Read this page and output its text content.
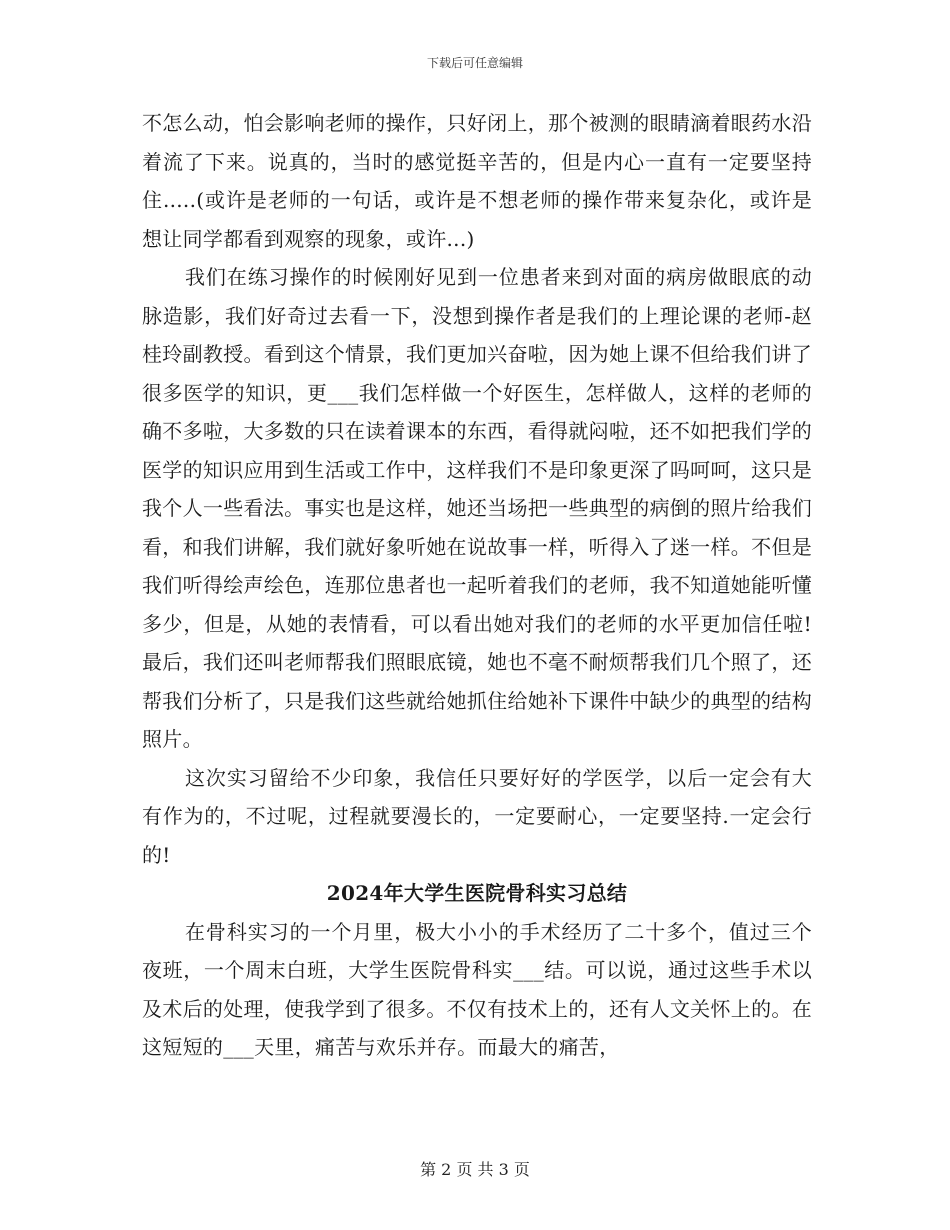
下载后可任意编辑

不怎么动，怕会影响老师的操作，只好闭上，那个被测的眼睛滴着眼药水沿着流了下来。说真的，当时的感觉挺辛苦的，但是内心一直有一定要坚持住.....(或许是老师的一句话，或许是不想老师的操作带来复杂化，或许是想让同学都看到观察的现象，或许...)

我们在练习操作的时候刚好见到一位患者来到对面的病房做眼底的动脉造影，我们好奇过去看一下，没想到操作者是我们的上理论课的老师-赵桂玲副教授。看到这个情景，我们更加兴奋啦，因为她上课不但给我们讲了很多医学的知识，更___我们怎样做一个好医生，怎样做人，这样的老师的确不多啦，大多数的只在读着课本的东西，看得就闷啦，还不如把我们学的医学的知识应用到生活或工作中，这样我们不是印象更深了吗呵呵，这只是我个人一些看法。事实也是这样，她还当场把一些典型的病倒的照片给我们看，和我们讲解，我们就好象听她在说故事一样，听得入了迷一样。不但是我们听得绘声绘色，连那位患者也一起听着我们的老师，我不知道她能听懂多少，但是，从她的表情看，可以看出她对我们的老师的水平更加信任啦!最后，我们还叫老师帮我们照眼底镜，她也不毫不耐烦帮我们几个照了，还帮我们分析了，只是我们这些就给她抓住给她补下课件中缺少的典型的结构照片。

这次实习留给不少印象，我信任只要好好的学医学，以后一定会有大有作为的，不过呢，过程就要漫长的，一定要耐心，一定要坚持.一定会行的!

2024年大学生医院骨科实习总结

在骨科实习的一个月里，极大小小的手术经历了二十多个，值过三个夜班，一个周末白班，大学生医院骨科实___结。可以说，通过这些手术以及术后的处理，使我学到了很多。不仅有技术上的，还有人文关怀上的。在这短短的___天里，痛苦与欢乐并存。而最大的痛苦，

第 2 页 共 3 页
